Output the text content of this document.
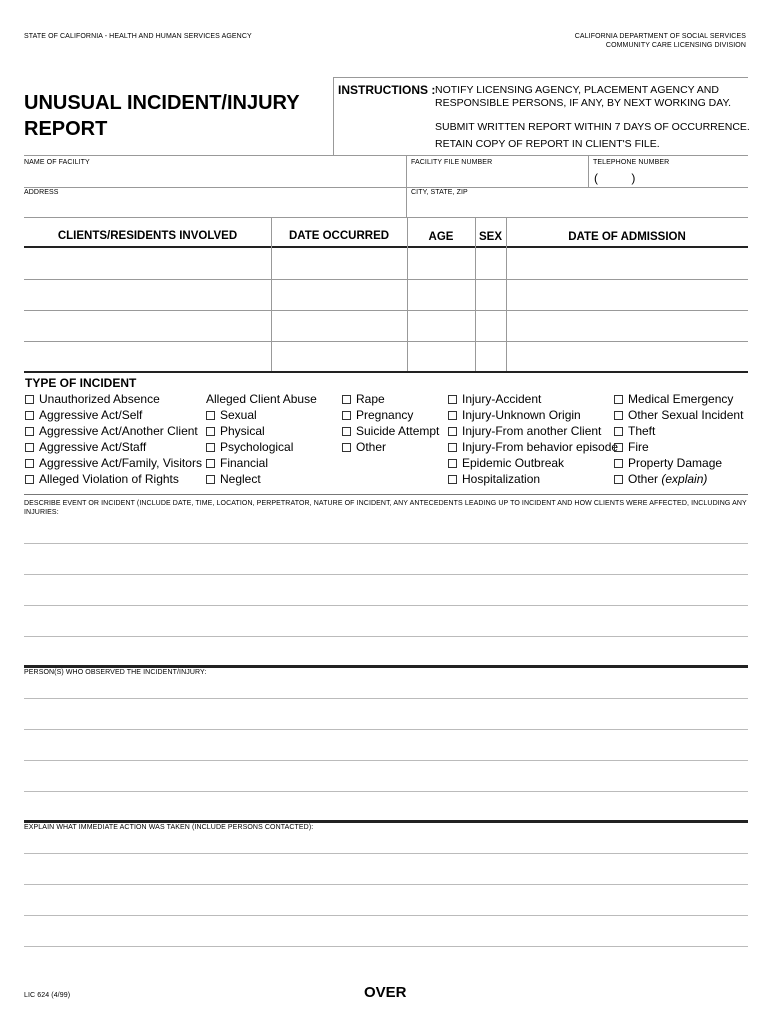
STATE OF CALIFORNIA - HEALTH AND HUMAN SERVICES AGENCY	CALIFORNIA DEPARTMENT OF SOCIAL SERVICES
COMMUNITY CARE LICENSING DIVISION
UNUSUAL INCIDENT/INJURY
REPORT
INSTRUCTIONS : NOTIFY LICENSING AGENCY, PLACEMENT AGENCY AND
RESPONSIBLE PERSONS, IF ANY, BY NEXT WORKING DAY.
SUBMIT WRITTEN REPORT WITHIN 7 DAYS OF OCCURRENCE.
RETAIN COPY OF REPORT IN CLIENT'S FILE.
NAME OF FACILITY	FACILITY FILE NUMBER	TELEPHONE NUMBER
(          )
ADDRESS	CITY, STATE, ZIP
CLIENTS/RESIDENTS INVOLVED	DATE OCCURRED	AGE	SEX	DATE OF ADMISSION
TYPE OF INCIDENT
Unauthorized Absence
Aggressive Act/Self
Aggressive Act/Another Client
Aggressive Act/Staff
Aggressive Act/Family, Visitors
Alleged Violation of Rights
Alleged Client Abuse
Sexual
Physical
Psychological
Financial
Neglect
Rape
Pregnancy
Suicide Attempt
Other
Injury-Accident
Injury-Unknown Origin
Injury-From another Client
Injury-From behavior episode
Epidemic Outbreak
Hospitalization
Medical Emergency
Other Sexual Incident
Theft
Fire
Property Damage
Other
(explain)
DESCRIBE EVENT OR INCIDENT (INCLUDE DATE, TIME, LOCATION, PERPETRATOR, NATURE OF INCIDENT, ANY ANTECEDENTS LEADING UP TO INCIDENT AND HOW CLIENTS WERE AFFECTED, INCLUDING ANY INJURIES:
PERSON(S) WHO OBSERVED THE INCIDENT/INJURY:
EXPLAIN WHAT IMMEDIATE ACTION WAS TAKEN (INCLUDE PERSONS CONTACTED):
LIC 624 (4/99)	OVER
